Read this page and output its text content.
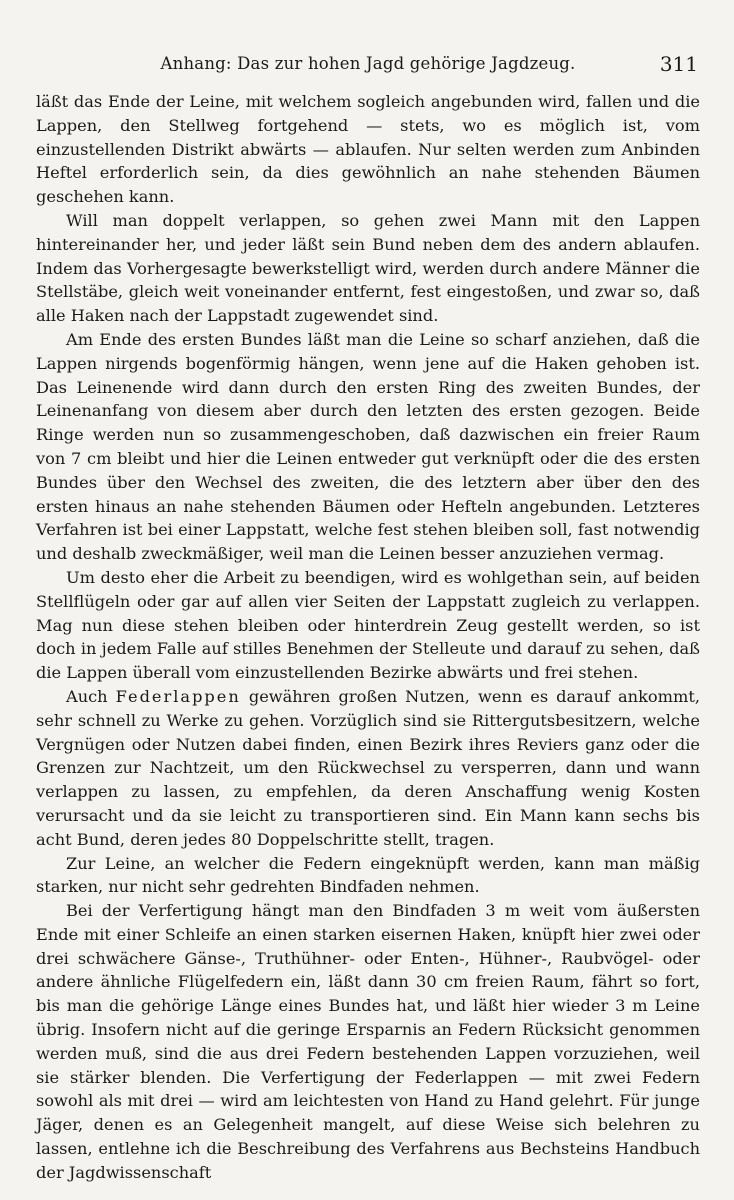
Anhang: Das zur hohen Jagd gehörige Jagdzeug.	311

läßt das Ende der Leine, mit welchem sogleich angebunden wird, fallen und die Lappen, den Stellweg fortgehend — stets, wo es möglich ist, vom einzustellenden Distrikt abwärts — ablaufen. Nur selten werden zum Anbinden Heftel erforderlich sein, da dies gewöhnlich an nahe stehenden Bäumen geschehen kann.

Will man doppelt verlappen, so gehen zwei Mann mit den Lappen hintereinander her, und jeder läßt sein Bund neben dem des andern ablaufen. Indem das Vorhergesagte bewerkstelligt wird, werden durch andere Männer die Stellstäbe, gleich weit voneinander entfernt, fest eingestoßen, und zwar so, daß alle Haken nach der Lappstadt zugewendet sind.

Am Ende des ersten Bundes läßt man die Leine so scharf anziehen, daß die Lappen nirgends bogenförmig hängen, wenn jene auf die Haken gehoben ist. Das Leinenende wird dann durch den ersten Ring des zweiten Bundes, der Leinenanfang von diesem aber durch den letzten des ersten gezogen. Beide Ringe werden nun so zusammengeschoben, daß dazwischen ein freier Raum von 7 cm bleibt und hier die Leinen entweder gut verknüpft oder die des ersten Bundes über den Wechsel des zweiten, die des letztern aber über den des ersten hinaus an nahe stehenden Bäumen oder Hefteln angebunden. Letzteres Verfahren ist bei einer Lappstatt, welche fest stehen bleiben soll, fast notwendig und deshalb zweckmäßiger, weil man die Leinen besser anzuziehen vermag.

Um desto eher die Arbeit zu beendigen, wird es wohlgethan sein, auf beiden Stellflügeln oder gar auf allen vier Seiten der Lappstatt zugleich zu verlappen. Mag nun diese stehen bleiben oder hinterdrein Zeug gestellt werden, so ist doch in jedem Falle auf stilles Benehmen der Stelleute und darauf zu sehen, daß die Lappen überall vom einzustellenden Bezirke abwärts und frei stehen.

Auch Federlappen gewähren großen Nutzen, wenn es darauf ankommt, sehr schnell zu Werke zu gehen. Vorzüglich sind sie Rittergutsbesitzern, welche Vergnügen oder Nutzen dabei finden, einen Bezirk ihres Reviers ganz oder die Grenzen zur Nachtzeit, um den Rückwechsel zu versperren, dann und wann verlappen zu lassen, zu empfehlen, da deren Anschaffung wenig Kosten verursacht und da sie leicht zu transportieren sind. Ein Mann kann sechs bis acht Bund, deren jedes 80 Doppelschritte stellt, tragen.

Zur Leine, an welcher die Federn eingeknüpft werden, kann man mäßig starken, nur nicht sehr gedrehten Bindfaden nehmen.

Bei der Verfertigung hängt man den Bindfaden 3 m weit vom äußersten Ende mit einer Schleife an einen starken eisernen Haken, knüpft hier zwei oder drei schwächere Gänse-, Truthühner- oder Enten-, Hühner-, Raubvögel- oder andere ähnliche Flügelfedern ein, läßt dann 30 cm freien Raum, fährt so fort, bis man die gehörige Länge eines Bundes hat, und läßt hier wieder 3 m Leine übrig. Insofern nicht auf die geringe Ersparnis an Federn Rücksicht genommen werden muß, sind die aus drei Federn bestehenden Lappen vorzuziehen, weil sie stärker blenden. Die Verfertigung der Federlappen — mit zwei Federn sowohl als mit drei — wird am leichtesten von Hand zu Hand gelehrt. Für junge Jäger, denen es an Gelegenheit mangelt, auf diese Weise sich belehren zu lassen, entlehne ich die Beschreibung des Verfahrens aus Bechsteins Handbuch der Jagdwissenschaft
